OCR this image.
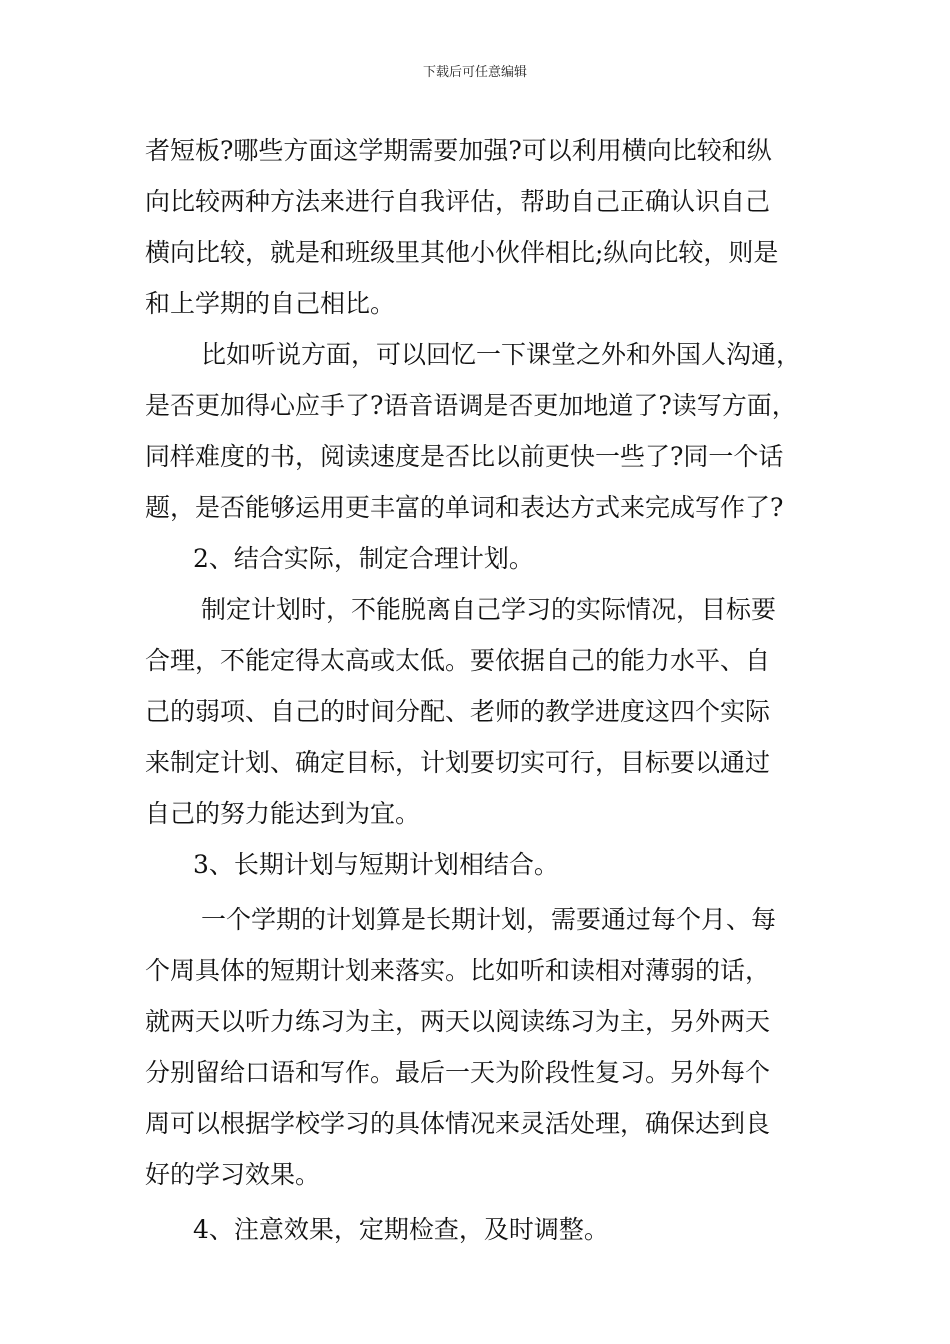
下载后可任意编辑
者短板?哪些方面这学期需要加强?可以利用横向比较和纵
向比较两种方法来进行自我评估，帮助自己正确认识自己
横向比较，就是和班级里其他小伙伴相比;纵向比较，则是
和上学期的自己相比。
比如听说方面，可以回忆一下课堂之外和外国人沟通，
是否更加得心应手了?语音语调是否更加地道了?读写方面，
同样难度的书，阅读速度是否比以前更快一些了?同一个话
题，是否能够运用更丰富的单词和表达方式来完成写作了?
2、结合实际，制定合理计划。
制定计划时，不能脱离自己学习的实际情况，目标要
合理，不能定得太高或太低。要依据自己的能力水平、自
己的弱项、自己的时间分配、老师的教学进度这四个实际
来制定计划、确定目标，计划要切实可行，目标要以通过
自己的努力能达到为宜。
3、长期计划与短期计划相结合。
一个学期的计划算是长期计划，需要通过每个月、每
个周具体的短期计划来落实。比如听和读相对薄弱的话，
就两天以听力练习为主，两天以阅读练习为主，另外两天
分别留给口语和写作。最后一天为阶段性复习。另外每个
周可以根据学校学习的具体情况来灵活处理，确保达到良
好的学习效果。
4、注意效果，定期检查，及时调整。
